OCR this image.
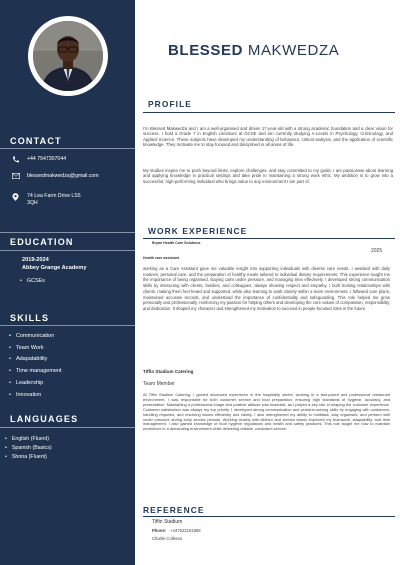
CONTACT
+44 7547307044
blessedmakwedza@gmail.com
74 Lea Farm Drive LS5
3QH
EDUCATION
2019-2024
Abbey Grange Academy
• GCSEs
SKILLS
• Communication
• Team Work
• Adapatability
• Time management
• Leadership
• Innovation
LANGUAGES
• English (Fluent)
• Spanish (Basics)
• Shona (Fluent)
BLESSED MAKWEDZA
PROFILE
I'm Blessed Makwedza and I am a well-organised and driven 17-year-old with a strong academic foundation and a clear vision for success. I hold a Grade 7 in English Literature at GCSE and am currently studying A-Levels in Psychology, Criminology, and Applied Science. These subjects have developed my understanding of behaviour, critical analysis, and the application of scientific knowledge. They motivate me to stay focused and disciplined in all areas of life.
My studies inspire me to push beyond limits, explore challenges, and stay committed to my goals. I am passionate about learning and applying knowledge in practical settings and take pride in maintaining a strong work ethic. My ambition is to grow into a successful, high-performing individual who brings value to any environment I am part of.
WORK EXPERIENCE
Bryan Health Care Solutions
Health care assistant
2025
working as a Care Assistant gave me valuable insight into supporting individuals with diverse care needs. I assisted with daily routines, personal care, and the preparation of healthy meals tailored to individual dietary requirements. This experience taught me the importance of being organised, staying calm under pressure, and managing time effectively. I developed strong communication skills by interacting with clients, families, and colleagues, always showing respect and empathy. I built trusting relationships with clients, making them feel heard and supported, while also learning to work closely within a team environment. I followed care plans, maintained accurate records, and understood the importance of confidentiality and safeguarding. This role helped me grow personally and professionally, reinforcing my passion for helping others and developing the core values of compassion, responsibility, and dedication. It shaped my character and strengthened my motivation to succeed in people-focused roles in the future.
Tiffin Stadium Catering
Team Member
At Tiffin Stadium Catering, I gained advanced experience in the hospitality sector, working in a fast-paced and professional restaurant environment. I was responsible for both customer service and food preparation, ensuring high standards of hygiene, accuracy, and presentation. Maintaining a professional image and positive attitude was essential, as I played a key role in shaping the customer experience. Customer satisfaction was always my top priority. I developed strong communication and problem-solving skills by engaging with customers, handling requests, and resolving issues efficiently and calmly. I also strengthened my ability to multitask, stay organised, and perform well under pressure during busy service periods. Working closely with kitchen and service teams improved my teamwork, adaptability, and time management. I also gained knowledge of food hygiene regulations and health and safety practices. This role taught me how to maintain excellence in a demanding environment while delivering reliable, consistent service.
REFERENCE
Tiffin Stadium
Phone: +447522191958
Charlie Colleran
